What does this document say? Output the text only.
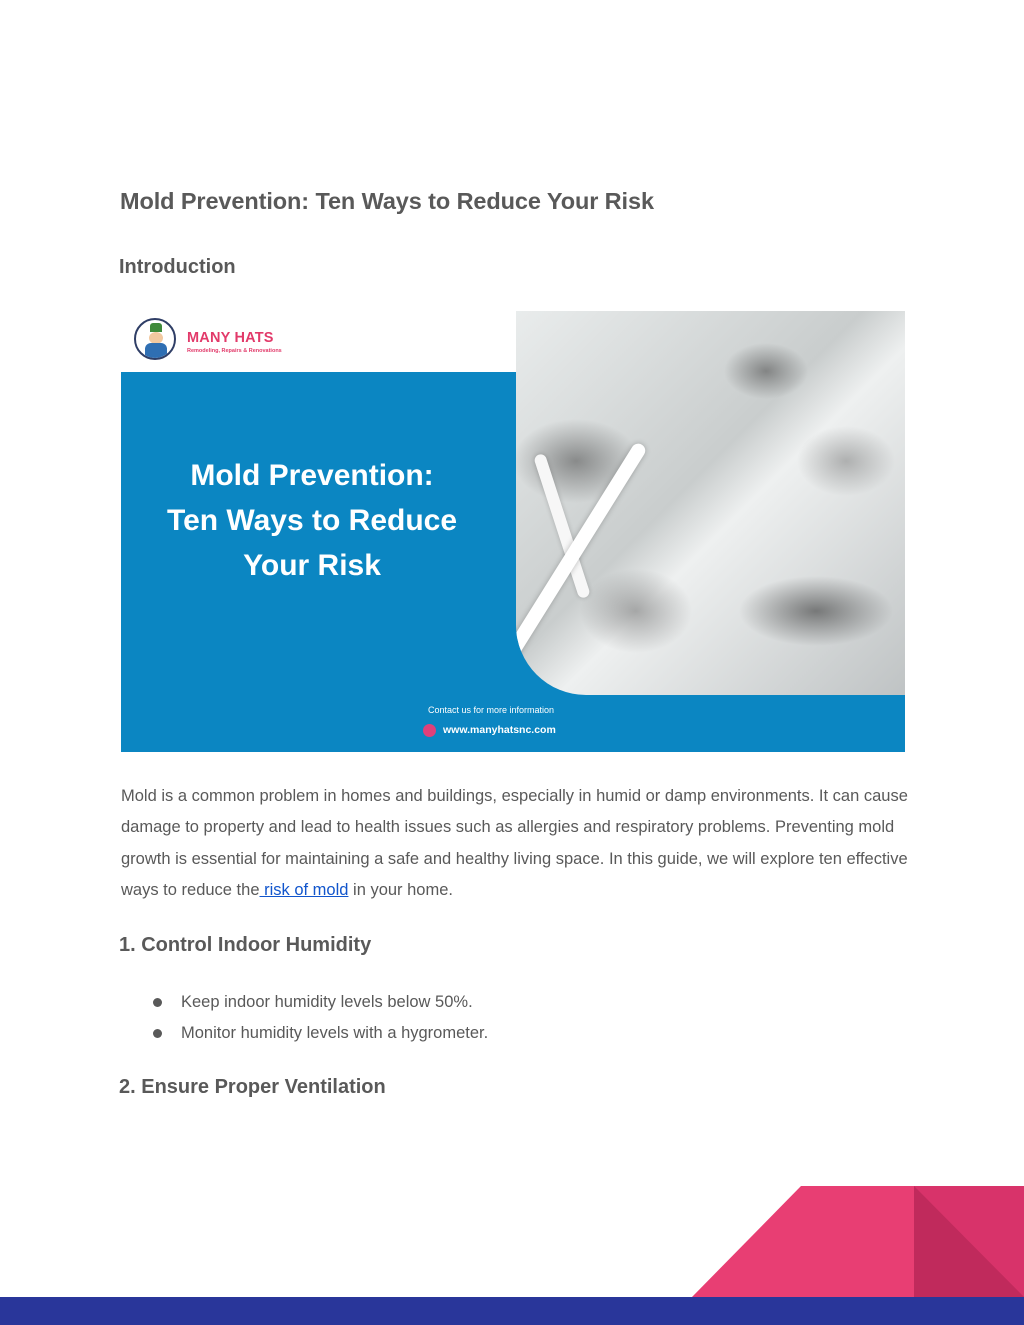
Mold Prevention: Ten Ways to Reduce Your Risk
Introduction
MANY HATS
Remodeling, Repairs & Renovations
Mold Prevention:
Ten Ways to Reduce
Your Risk
Contact us for more information
www.manyhatsnc.com

Mold is a common problem in homes and buildings, especially in humid or damp environments. It can cause damage to property and lead to health issues such as allergies and respiratory problems. Preventing mold growth is essential for maintaining a safe and healthy living space. In this guide, we will explore ten effective ways to reduce the risk of mold in your home.

1. Control Indoor Humidity
Keep indoor humidity levels below 50%.
Monitor humidity levels with a hygrometer.
2. Ensure Proper Ventilation
